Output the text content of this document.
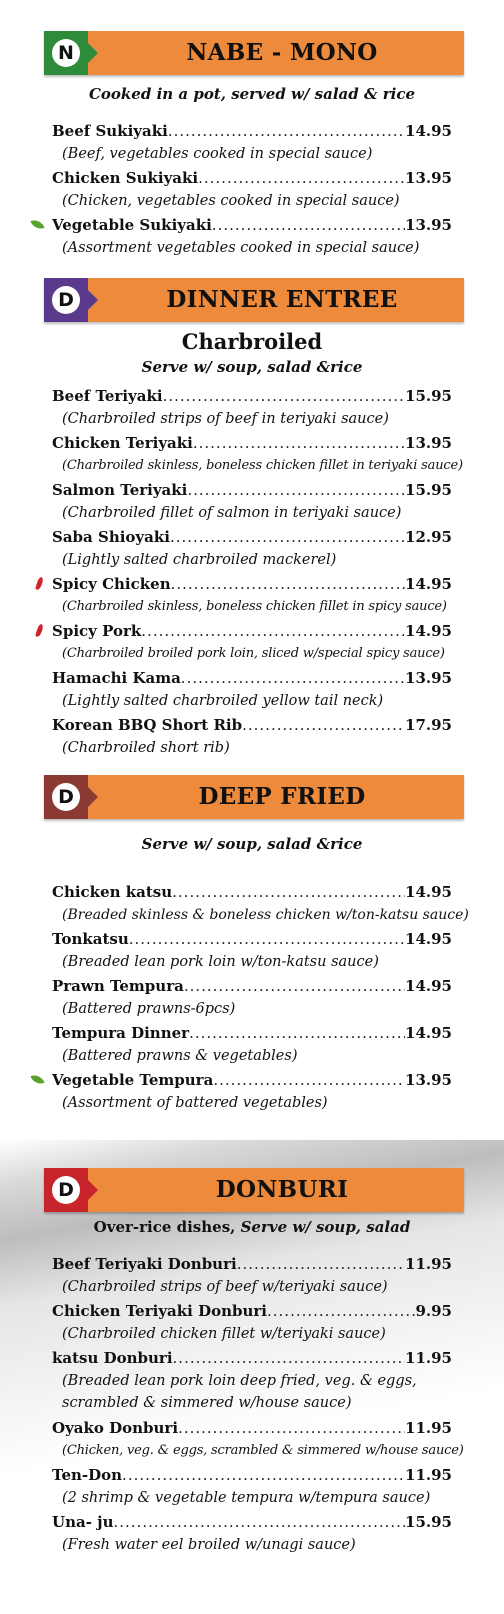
N	NABE - MONO
Cooked in a pot, served w/ salad & rice
Beef Sukiyaki .....	14.95
(Beef, vegetables cooked in special sauce)
Chicken Sukiyaki .....	13.95
(Chicken, vegetables cooked in special sauce)
Vegetable Sukiyaki .....	13.95
(Assortment vegetables cooked in special sauce)
D	DINNER ENTREE
Charbroiled
Serve w/ soup, salad &rice
Beef Teriyaki .....	15.95
(Charbroiled strips of beef in teriyaki sauce)
Chicken Teriyaki .....	13.95
(Charbroiled skinless, boneless chicken fillet in teriyaki sauce)
Salmon Teriyaki .....	15.95
(Charbroiled fillet of salmon in teriyaki sauce)
Saba Shioyaki .....	12.95
(Lightly salted charbroiled mackerel)
Spicy Chicken .....	14.95
(Charbroiled skinless, boneless chicken fillet in spicy sauce)
Spicy Pork .....	14.95
(Charbroiled broiled pork loin, sliced w/special spicy sauce)
Hamachi Kama .....	13.95
(Lightly salted charbroiled yellow tail neck)
Korean BBQ Short Rib .....	17.95
(Charbroiled short rib)
D	DEEP FRIED
Serve w/ soup, salad &rice
Chicken katsu .....	14.95
(Breaded skinless & boneless chicken w/ton-katsu sauce)
Tonkatsu .....	14.95
(Breaded lean pork loin w/ton-katsu sauce)
Prawn Tempura .....	14.95
(Battered prawns-6pcs)
Tempura Dinner .....	14.95
(Battered prawns & vegetables)
Vegetable Tempura .....	13.95
(Assortment of battered vegetables)
D	DONBURI
Over-rice dishes, Serve w/ soup, salad
Beef Teriyaki Donburi .....	11.95
(Charbroiled strips of beef w/teriyaki sauce)
Chicken Teriyaki Donburi .....	9.95
(Charbroiled chicken fillet w/teriyaki sauce)
katsu Donburi .....	11.95
(Breaded lean pork loin deep fried, veg. & eggs, scrambled & simmered w/house sauce)
Oyako Donburi .....	11.95
(Chicken, veg. & eggs, scrambled & simmered w/house sauce)
Ten-Don .....	11.95
(2 shrimp & vegetable tempura w/tempura sauce)
Una- ju .....	15.95
(Fresh water eel broiled w/unagi sauce)
